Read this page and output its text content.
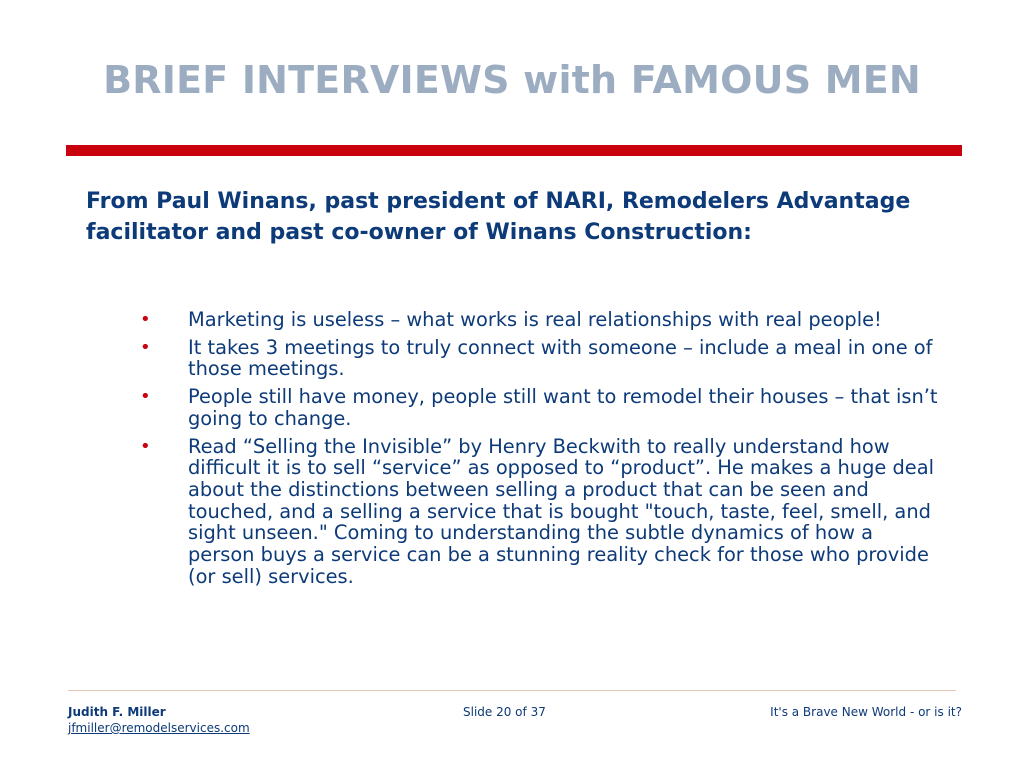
BRIEF INTERVIEWS with FAMOUS MEN
From Paul Winans, past president of NARI, Remodelers Advantage facilitator and past co-owner of Winans Construction:
• Marketing is useless – what works is real relationships with real people!
• It takes 3 meetings to truly connect with someone – include a meal in one of those meetings.
• People still have money, people still want to remodel their houses – that isn’t going to change.
• Read “Selling the Invisible” by Henry Beckwith to really understand how difficult it is to sell “service” as opposed to “product”. He makes a huge deal about the distinctions between selling a product that can be seen and touched, and a selling a service that is bought "touch, taste, feel, smell, and sight unseen." Coming to understanding the subtle dynamics of how a person buys a service can be a stunning reality check for those who provide (or sell) services.
Judith F. Miller
jfmiller@remodelservices.com
Slide 20 of 37	It's a Brave New World - or is it?
